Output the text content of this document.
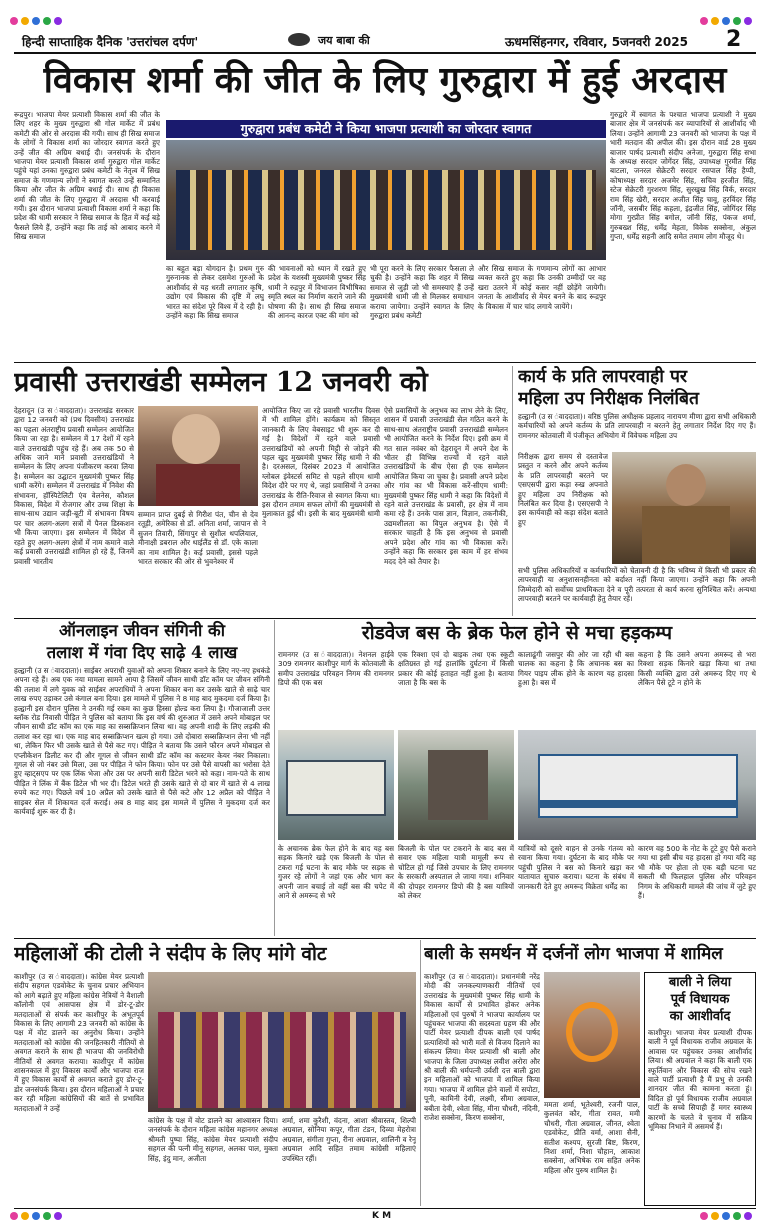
हिन्दी साप्ताहिक दैनिक 'उत्तरांचल दर्पण'	जय बाबा की	ऊधमसिंहनगर, रविवार, 5जनवरी 2025 2
विकास शर्मा की जीत के लिए गुरुद्वारा में हुई अरदास
रूद्रपुर। भाजपा मेयर प्रत्याशी विकास शर्मा की जीत के लिए शहर के मुख्य गुरुद्वारा श्री गोल मार्केट में प्रबंध कमेटी की ओर से अरदास की गयी। साथ ही सिख समाज के लोगों ने विकास शर्मा का जोरदार स्वागत करते हुए उन्हें जीत की अग्रिम बधाई दी। जनसंपर्क के दौरान भाजपा मेयर प्रत्याशी विकास शर्मा गुरुद्वारा गोल मार्केट पहुंचे यहां उनका गुरुद्वारा प्रबंध कमेटी के नेतृत्व में सिख समाज के गणमान्य लोगों ने स्वागत करते उन्हें सम्मानित किया और जीत के अग्रिम बधाई दी। साथ ही विकास शर्मा की जीत के लिए गुरुद्वारा में अरदास भी करवाई गयी। इस दौरान भाजपा प्रत्याशी विकास शर्मा ने कहा कि प्रदेश की धामी सरकार ने सिख समाज के हित में कई बड़े फैसले लिये हैं, उन्होंने कहा कि ताई को आबाद करने में सिख समाज
गुरुद्वारा प्रबंध कमेटी ने किया भाजपा प्रत्याशी का जोरदार स्वागत
का बहुत बड़ा योगदान है। प्रथम गुरु गुरुनानक से लेकर दसमेश गुरुओं के आशीर्वाद से यह धरती लगातार कृषि, उद्योग एवं विकास की दृष्टि में लघु भारत का संदेश पूरे विश्व में दे रही है। उन्होंने कहा कि सिख समाज
की भावनाओं को ध्यान में रखते हुए प्रदेश के यशस्वी मुख्यमंत्री पुष्कर सिंह धामी ने रुद्रपुर में विभाजन विभीषिका स्मृति स्थल का निर्माण कराने जाने की घोषणा की है। साथ ही सिख समाज की आनन्द कारज एक्ट की मांग को
भी पूरा करने के लिए सरकार फैसला ले चुकी है। उन्होंने कहा कि शहर में सिख समाज से जुड़ी जो भी समस्याएं हैं उन्हें मुख्यमंत्री धामी जी से मिलकर समाधान कराया जायेगा। उन्होंने स्वागत के लिए गुरुद्वारा प्रबंध कमेटी
और सिख समाज के गणमान्य लोगों का आभार व्यक्त करते हुए कहा कि उनकी उम्मीदों पर वह खरा उतरने में कोई कसर नहीं छोड़ेंगे जायेगी। जनता के आशीर्वाद से मेयर बनने के बाद रूद्रपुर के विकास में चार चांद लगाये जायेंगे।
गुरुद्वारे में स्वागत के पश्चात भाजपा प्रत्याशी ने मुख्य बाजार क्षेत्र में जनसंपर्क कर व्यापारियों से आशीर्वाद भी लिया। उन्होंने आगामी 23 जनवरी को भाजपा के पक्ष में भारी मतदान की अपील की। इस दौरान वार्ड 28 मुख्य बाजार पार्षद प्रत्याशी संदीप अनेजा, गुरुद्वारा सिंह सभा के अध्यक्ष सरदार जोगेंदर सिंह, उपाध्यक्ष गुरमीत सिंह बाटला, जनरल सेक्रेटरी सरदार रसपाल सिंह हैप्पी, कोषाध्यक्ष सरदार अजमेर सिंह, सचिव हरजीत सिंह, स्टेज सेक्रेटरी गुरशरण सिंह, सुरखुख सिंह विर्क, सरदार राम सिंह खेरी, सरदार अजीत सिंह चावू, हरविंदर सिंह जॉनी, जसबीर सिंह कहला, इंद्रजीत सिंह, जोगिंदर सिंह मोगा गुरप्रीत सिंह बगोल, जॉनी सिंह, पंकज शर्मा, गुरुबख्श सिंह, धर्मेंद्र मेहता, विवेक सक्सेना, अंकुल गुप्ता, धर्मेंद्र सहनी आदि समेत तमाम लोग मौजूद थे।
प्रवासी उत्तराखंडी सम्मेलन 12 जनवरी को
देहरादून (उ स ंवाददाता)। उत्तराखंड सरकार द्वारा 12 जनवरी को (प्रथ दिवसीय) उत्तराखंड का पहला अंतराष्ट्रीय प्रवासी सम्मेलन आयोजित किया जा रहा है। सम्मेलन में 17 देशों में रहने वाले उत्तराखंडी पहुंच रहे हैं। अब तक 50 से अधिक जाने माने प्रवासी उत्तराखंडियों ने सम्मेलन के लिए अपना पंजीकरण करवा लिया है। सम्मेलन का उद्घाटन मुख्यमंत्री पुष्कर सिंह धामी करेंगे। सम्मेलन में उत्तराखंड में निवेश की संभावना, हॉस्पिटेलिटी एंव वेलनेस, कौशल विकास, विदेश में रोजगार और उच्च शिक्षा के साथ-साथ उद्यान जड़ी-बूटी में संभावना विषय पर चार अलग-अलग सत्रों में पैनल डिस्कशन भी किया जाएगा। इस सम्मेलन में विदेश में रहते हुए अलग-अलग क्षेत्रों में नाम कमाने वाले कई प्रवासी उत्तराखंडी शामिल हो रहे हैं, जिनमें प्रवासी भारतीय
सम्मान प्राप्त दुबई से गिरीश पंत, चीन से देव रतूड़ी, अमेरिका से डॉ. अनिता शर्मा, जापान से सुजन तिवारी, सिंगापुर से सुशील थपलियाल, मीनाक्षी डबराल और थाईलैंड से डॉ. एके काला का नाम शामिल है। कई प्रवासी, इससे पहले भारत सरकार की ओर से भुवनेश्वर में
आयोजित किए जा रहे प्रवासी भारतीय दिवस में भी शामिल होंगे। कार्यक्रम को सिस्तृत जानकारी के लिए वेबसाइट भी शुरू कर दी गई है। विदेशों में रहने वाले प्रवासी उत्तराखंडियों को अपनी मिट्टी से जोड़ने की पहल खुद मुख्यमंत्री पुष्कर सिंह धामी ने की है। दरअसल, दिसंबर 2023 में आयोजित ग्लोबल इंवेस्टर्स समिट से पहले सीएम धामी विदेश दौरे पर गए थे, जहां प्रवासियों ने उनका उत्तराखंड के रीति-रिवाज से स्वागत किया था। इस दौरान तमाम सफल लोगों की मुख्यमंत्री से मुलाकात हुई थी। इसी के बाद मुख्यमंत्री धामी ने
ऐसे प्रवासियों के अनुभव का लाभ लेने के लिए, शासन में प्रवासी उत्तराखंडी सेल गठित करने के साथ-साथ अंतराष्ट्रीय प्रवासी उत्तराखंडी सम्मेलन भी आयोजित करने के निर्देश दिए। इसी क्रम में गत साल नवंबर को देहरादून में अपने देश के भीतर ही विभिन्न राज्यों में रहने वाले उत्तराखंडियों के बीच ऐसा ही एक सम्मेलन आयोजित किया जा चुका है। प्रवासी अपने प्रदेश और गांव का भी विकास करें-सीएम धामी: मुख्यमंत्री पुष्कर सिंह धामी ने कहा कि विदेशों में रहने वाले उत्तराखंड के प्रवासी, हर क्षेत्र में नाम कमा रहे हैं। उनके पास ज्ञान, विज्ञान, तकनीकी, उद्यमशीलता का विपुल अनुभव है। ऐसे में सरकार चाहती है कि इस अनुभव से प्रवासी अपने प्रदेश और गांव का भी विकास करें। उन्होंने कहा कि सरकार इस काम में हर संभव मदद देने को तैयार है।
कार्य के प्रति लापरवाही पर
महिला उप निरीक्षक निलंबित
हल्द्वानी (उ स ंवाददाता)। वरिष्ठ पुलिस अधीक्षक प्रहलाद नारायण मीणा द्वारा सभी अधिकारी कर्मचारियों को अपने कर्तव्य के प्रति लापरवाही न बरतने हेतु लगातार निर्देश दिए गए हैं। रामनगर कोतवाली में पंजीकृत अभियोग में विवेचक महिला उप
निरीक्षक द्वारा समय से दस्तावेज प्रस्तुत न करने और अपने कर्तव्य के प्रति लापरवाही बरतने पर एसएसपी द्वारा कड़ा रुख अपनाते हुए महिला उप निरीक्षक को निलंबित कर दिया है। एसएसपी ने इस कार्यवाही को कड़ा संदेश बताते हुए
सभी पुलिस अधिकारियों व कर्मचारियों को चेतावनी दी है कि भविष्य में किसी भी प्रकार की लापरवाही या अनुशासनहीनता को बर्दाश्त नहीं किया जाएगा। उन्होंने कहा कि अपनी जिम्मेदारी को सर्वोच्च प्राथमिकता देने व पूरी तत्परता से कार्य करना सुनिश्चित करें। अन्यथा लापरवाही बरतने पर कार्यवाही हेतु तैयार रहें।
ऑनलाइन जीवन संगिनी की
तलाश में गंवा दिए साढ़े 4 लाख
हल्द्वानी (उ स ंवाददाता)। साईबर अपराधी युवाओं को अपना शिकार बनाने के लिए नए-नए हथकंडे अपना रहे हैं। अब एक नया मामला सामने आया है जिसमें जीवन साथी डॉट कॉम पर जीवन संगिनी की तलाश में लगे युवक को साईबर अपराधियों ने अपना शिकार बना कर उसके खाते से साढ़े चार लाख रुपए उड़ाकर उसे कंगाल बना दिया। इस मामले में पुलिस ने 8 माह बाद मुकदमा दर्ज किया है। हल्द्वानी इस दौरान पुलिस ने उनकी गई रकम का कुछ हिस्सा होल्ड करा लिया है। गौजाजाली उत्तर ब्लॉक रोड निवासी पीड़ित ने पुलिस को बताया कि इस वर्ष की शुरुआत में उसने अपने मोबाइल पर जीवन साथी डॉट कॉम का एक माह का सब्सक्रिप्शन लिया था। वह अपनी शादी के लिए लड़की की तलाश कर रहा था। एक माह बाद सब्सक्रिप्शन खत्म हो गया। उसे दोबारा सब्सक्रिप्शन लेना भी नहीं था, लेकिन फिर भी उसके खाते से पैसे कट गए। पीड़ित ने बताया कि उसने फौरन अपने मोबाइल से एप्लीकेशन डिलीट कर दी और गूगल से जीवन साथी डॉट कॉम का कस्टमर केयर नंबर निकाला। गूगल से जो नंबर उसे मिला, उस पर पीड़ित ने फोन किया। फोन पर उसे पैसे वापसी का भरोसा देते हुए व्हाट्सएप पर एक लिंक भेजा और उस पर अपनी सारी डिटेल भरने को कहा। नाम-पते के साथ पीड़ित ने लिंक में बैंक डिटेल भी भर दी। डिटेल भरते ही उसके खाते से दो बार में खाते से 4 लाख रुपये कट गए। पिछले वर्ष 10 अप्रैल को उसके खाते से पैसे कटे और 12 अप्रैल को पीड़ित ने साइबर सेल में शिकायत दर्ज कराई। अब 8 माह बाद इस मामले में पुलिस ने मुकदमा दर्ज कर कार्यवाई शुरू कर दी है।
रोडवेज बस के ब्रेक फेल होने से मचा हड़कम्प
रामनगर (उ स ंवाददाता)। नेशनल हाईवे 309 रामनगर काशीपुर मार्ग के कोतवाली के समीप उत्तराखंड परिवहन निगम की रामनगर डिपो की एक बस
एक रिक्शा एवं दो बाइक तथा एक स्कूटी क्षतिग्रस्त हो गई हालांकि दुर्घटना में किसी प्रकार की कोई हताहत नहीं हुआ है। बताया जाता है कि बस के
कालाढूंगी जसपुर की ओर जा रही थी बस चालक का कहना है कि अचानक बस का गियर पाइप लीक होने के कारण यह हादसा हुआ है। बस में
कहना है कि उसने अपना अमरूद से भरा रिक्शा सड़क किनारे खड़ा किया था तथा किसी व्यक्ति द्वारा उसे अमरूद दिए गए थे लेकिन पैसे टूटे न होने के
के अचानक ब्रेक फेल होने के बाद यह बस सड़क किनारे खड़े एक बिजली के पोल से टकरा गई घटना के बाद मौके पर सड़क से गुजर रहे लोगों ने जहां एक और भाग कर अपनी जान बचाई तो वहीं बस की चपेट में आने से अमरूद से भरे
बिजली के पोल पर टकराने के बाद बस में सवार एक महिला यात्री मामूली रूप से चोटिल हो गई जिसे उपचार के लिए रामनगर के सरकारी अस्पताल ले जाया गया। शनिवार की दोपहर रामनगर डिपो की है बस यात्रियों को लेकर
यात्रियों को दूसरे वाहन से उनके गंतव्य को रवाना किया गया। दुर्घटना के बाद मौके पर पहुंची पुलिस ने बस को किनारे खड़ा कर यातायात सुचारु कराया। घटना के संबंध में जानकारी देते हुए अमरूद विक्रेता धर्मेंद्र का
कारण वह 500 के नोट के टूटे हुए पैसे कराने गया था इसी बीच यह हादसा हो गया यदि वह भी मौके पर होता तो एक बड़ी घटना घट सकती थी फिलहाल पुलिस और परिवहन निगम के अधिकारी मामले की जांच में जुटे हुए हैं।
महिलाओं की टोली ने संदीप के लिए मांगे वोट
काशीपुर (उ स ंवाददाता)। कांग्रेस मेयर प्रत्याशी संदीप सहगल एडवोकेट के चुनाव प्रचार अभियान को आगे बढ़ाते हुए महिला कांग्रेस नेत्रियों ने वैशाली कॉलोनी एवं आसपास क्षेत्र में डोर-टू-डोर मतदाताओं से संपर्क कर काशीपुर के अभूतपूर्व विकास के लिए आगामी 23 जनवरी को कांग्रेस के पक्ष में वोट डालने का अनुरोध किया। उन्होंने मतदाताओं को कांग्रेस की जनहितकारी नीतियों से अवगत कराने के साथ ही भाजपा की जनविरोधी नीतियों से अवगत कराया। काशीपुर में कांग्रेस शासनकाल में हुए विकास कार्यों और भाजपा राज में हुए विकास कार्यों से अवगत कराते हुए डोर-टू-डोर जनसंपर्क किया। इस दौरान महिलाओं ने प्रचार कर रही महिला कांग्रेसियों की बातें से प्रभावित मतदाताओं ने उन्हें
कांग्रेस के पक्ष में वोट डालने का आश्वासन दिया। जनसंपर्क के दौरान महिला कांग्रेस महानगर अध्यक्ष श्रीमती पुष्पा सिंह, कांग्रेस मेयर प्रत्याशी संदीप सहगल की पत्नी मीनू सहगल, अलका पाल, मुक्ता सिंह, इंदु मान, अजीता
शर्मा, शमा कुरैशी, वंदना, आशा श्रीवास्तव, शिल्पी अग्रवाल, सोनिया कपूर, गीता टंडन, दिव्या मेहरोत्रा अग्रवाल, संगीता गुप्ता, रीना अग्रवाल, शालिनी व रेनू अग्रवाल आदि सहित तमाम कांग्रेसी महिलाएं उपस्थित रहीं।
बाली के समर्थन में दर्जनों लोग भाजपा में शामिल
काशीपुर (उ स ंवाददाता)। प्रधानमंत्री नरेंद्र मोदी की जनकल्याणकारी नीतियों एवं उत्तराखंड के मुख्यमंत्री पुष्कर सिंह धामी के विकास कार्यों से प्रभावित होकर अनेक महिलाओं एवं पुरुषों ने भाजपा कार्यालय पर पहुंचकर भाजपा की सदस्यता ग्रहण की और पार्टी मेयर प्रत्याशी दीपक बाली एवं पार्षद प्रत्याशियों को भारी मतों से विजय दिलाने का संकल्प लिया। मेयर प्रत्याशी श्री बाली और भाजपा के जिला उपाध्यक्ष लवीश अरोरा और श्री बाली की धर्मपत्नी उर्वशी दत्त बाली द्वारा इन महिलाओं को भाजपा में शामिल किया गया। भाजपा में शामिल होने वालों में सपोटा, पूनी, कामिनी देवी, लक्ष्मी, सीमा अग्रवाल, बबीता देवी, श्वेता सिंह, मीना चौधरी, नंदिनी, राजेश सक्सेना, किरण सक्सेना,
ममता शर्मा, भूतेश्वरी, रजनी पाल, कुलवंत कौर, गीता रावत, ममी चौधरी, गीता अग्रवाल, जीनत, श्वेता एडवोकेट, प्रीति वर्मा, आशा सैनी, सतीश कश्यप, सुरजी बिष्ट, किरण, निशा शर्मा, निशा चौहान, आकाश सक्सेना, अभिषेक राम सहित अनेक महिला और पुरुष शामिल है।
बाली ने लिया
पूर्व विधायक
का आशीर्वाद
काशीपुर। भाजपा मेयर प्रत्याशी दीपक बाली ने पूर्व विधायक राजीव अग्रवाल के आवास पर पहुंचकर उनका आशीर्वाद लिया। श्री अग्रवाल ने कहा कि बाली एक स्फूर्तिवान और विकास की सोच रखने वाले पार्टी प्रत्याशी है मैं प्रभु से उनकी शानदार जीत की कामना करता हूं। विदित हो पूर्व विधायक राजीव अग्रवाल पार्टी के सच्चे सिपाही हैं मगर स्वास्थ्य कारणों के चलते वे चुनाव में सक्रिय भूमिका निभाने में असमर्थ हैं।
K M
